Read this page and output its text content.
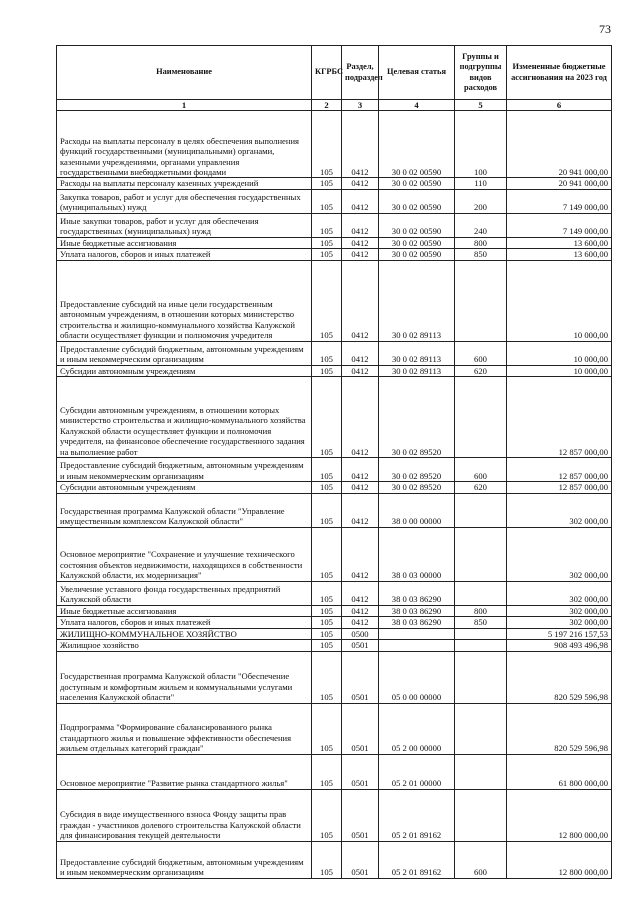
73
Наименование	КГРБС	Раздел, подраздел	Целевая статья	Группы и подгруппы видов расходов	Измененные бюджетные ассигнования на 2023 год
1	2	3	4	5	6
Расходы на выплаты персоналу в целях обеспечения выполнения функций государственными (муниципальными) органами, казенными учреждениями, органами управления государственными внебюджетными фондами	105	0412	30 0 02 00590	100	20 941 000,00
Расходы на выплаты персоналу казенных учреждений	105	0412	30 0 02 00590	110	20 941 000,00
Закупка товаров, работ и услуг для обеспечения государственных (муниципальных) нужд	105	0412	30 0 02 00590	200	7 149 000,00
Иные закупки товаров, работ и услуг для обеспечения государственных (муниципальных) нужд	105	0412	30 0 02 00590	240	7 149 000,00
Иные бюджетные ассигнования	105	0412	30 0 02 00590	800	13 600,00
Уплата налогов, сборов и иных платежей	105	0412	30 0 02 00590	850	13 600,00
Предоставление субсидий на иные цели государственным автономным учреждениям, в отношении которых министерство строительства и жилищно-коммунального хозяйства Калужской области осуществляет функции и полномочия учредителя	105	0412	30 0 02 89113		10 000,00
Предоставление субсидий бюджетным, автономным учреждениям и иным некоммерческим организациям	105	0412	30 0 02 89113	600	10 000,00
Субсидии автономным учреждениям	105	0412	30 0 02 89113	620	10 000,00
Субсидии автономным учреждениям, в отношении которых министерство строительства и жилищно-коммунального хозяйства Калужской области осуществляет функции и полномочия учредителя, на финансовое обеспечение государственного задания на выполнение работ	105	0412	30 0 02 89520		12 857 000,00
Предоставление субсидий бюджетным, автономным учреждениям и иным некоммерческим организациям	105	0412	30 0 02 89520	600	12 857 000,00
Субсидии автономным учреждениям	105	0412	30 0 02 89520	620	12 857 000,00
Государственная программа Калужской области "Управление имущественным комплексом Калужской области"	105	0412	38 0 00 00000		302 000,00
Основное мероприятие "Сохранение и улучшение технического состояния объектов недвижимости, находящихся в собственности Калужской области, их модернизация"	105	0412	38 0 03 00000		302 000,00
Увеличение уставного фонда государственных предприятий Калужской области	105	0412	38 0 03 86290		302 000,00
Иные бюджетные ассигнования	105	0412	38 0 03 86290	800	302 000,00
Уплата налогов, сборов и иных платежей	105	0412	38 0 03 86290	850	302 000,00
ЖИЛИЩНО-КОММУНАЛЬНОЕ ХОЗЯЙСТВО	105	0500			5 197 216 157,53
Жилищное хозяйство	105	0501			908 493 496,98
Государственная программа Калужской области "Обеспечение доступным и комфортным жильем и коммунальными услугами населения Калужской области"	105	0501	05 0 00 00000		820 529 596,98
Подпрограмма "Формирование сбалансированного рынка стандартного жилья и повышение эффективности обеспечения жильем отдельных категорий граждан"	105	0501	05 2 00 00000		820 529 596,98
Основное мероприятие "Развитие рынка стандартного жилья"	105	0501	05 2 01 00000		61 800 000,00
Субсидия в виде имущественного взноса Фонду защиты прав граждан - участников долевого строительства Калужской области для финансирования текущей деятельности	105	0501	05 2 01 89162		12 800 000,00
Предоставление субсидий бюджетным, автономным учреждениям и иным некоммерческим организациям	105	0501	05 2 01 89162	600	12 800 000,00
